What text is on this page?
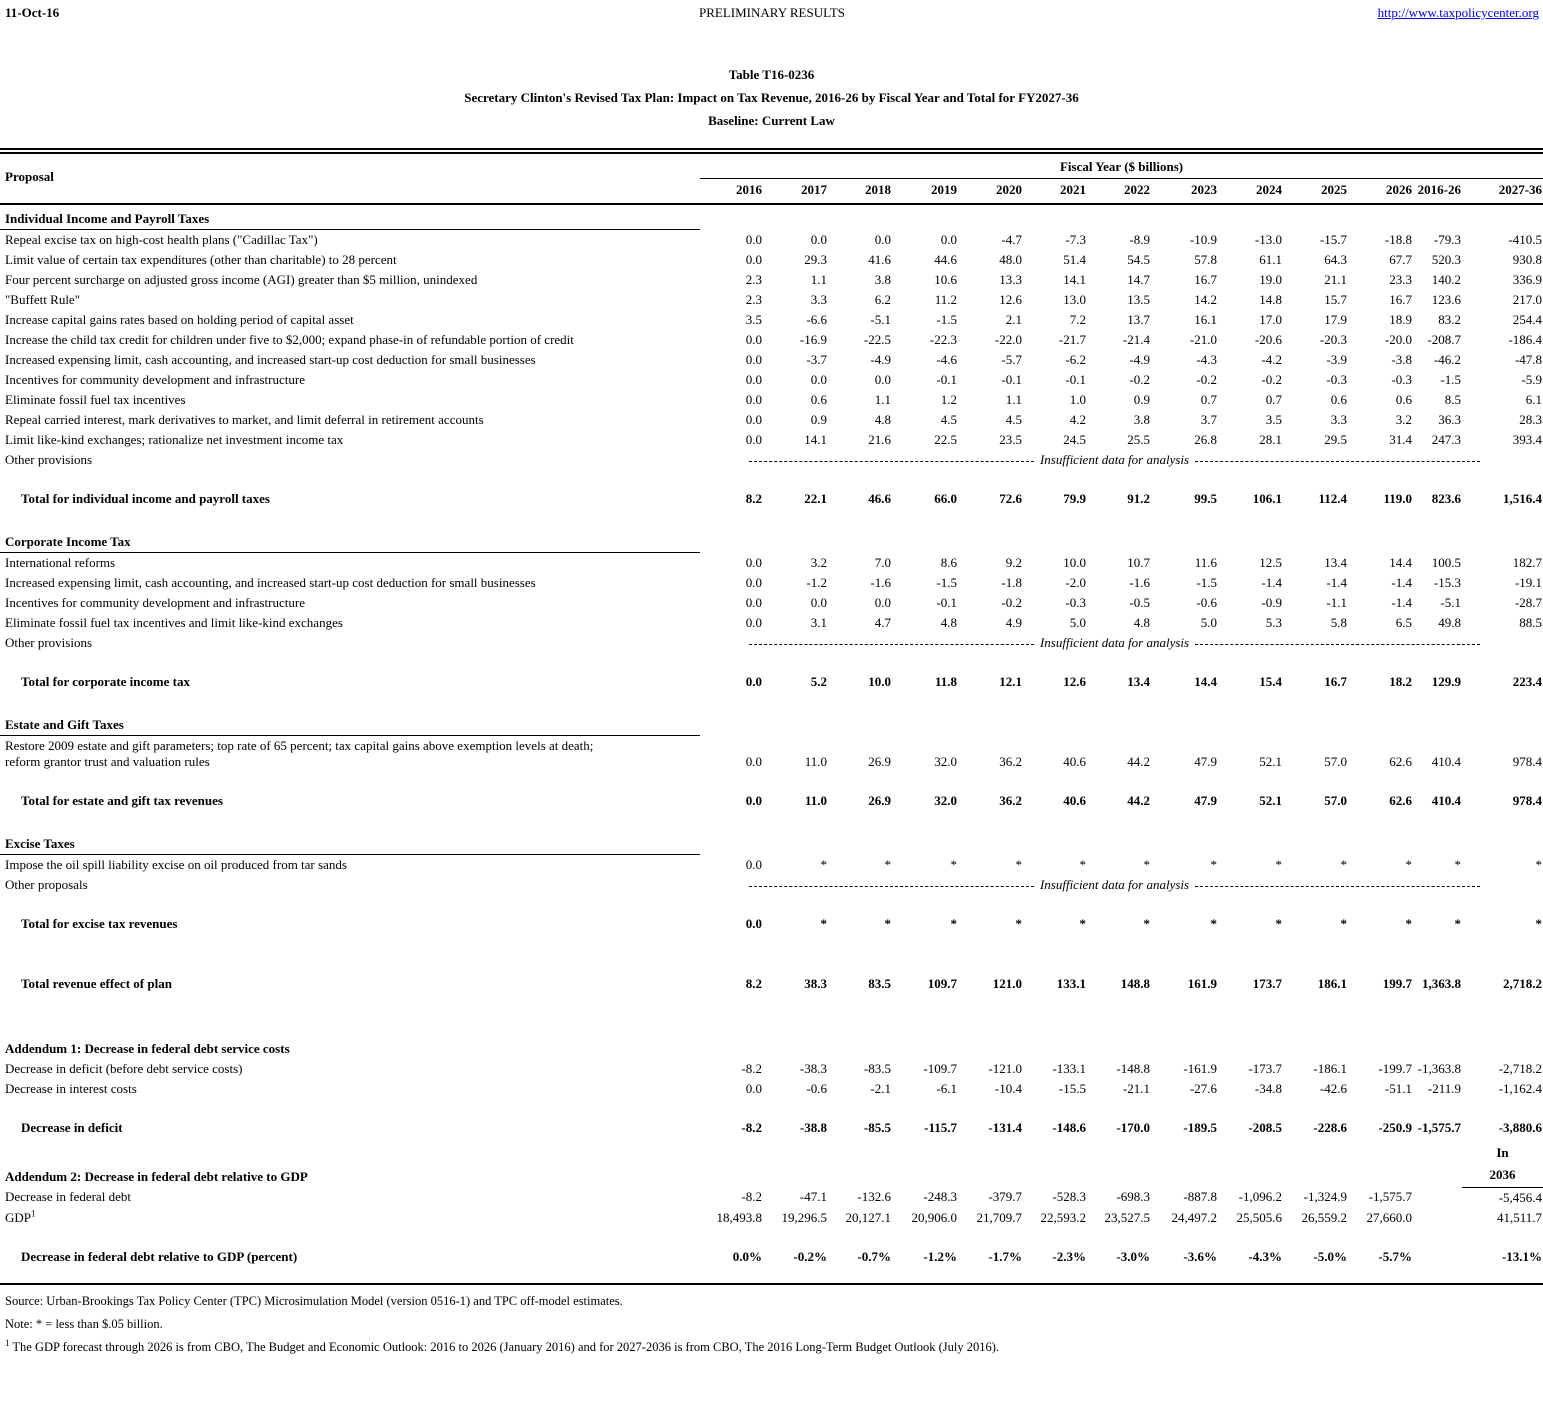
11-Oct-16	PRELIMINARY RESULTS	http://www.taxpolicycenter.org
Table T16-0236
Secretary Clinton's Revised Tax Plan: Impact on Tax Revenue, 2016-26 by Fiscal Year and Total for FY2027-36
Baseline: Current Law
Proposal	Fiscal Year ($ billions)												
	2016	2017	2018	2019	2020	2021	2022	2023	2024	2025	2026	2016-26	2027-36
Individual Income and Payroll Taxes													
Repeal excise tax on high-cost health plans ("Cadillac Tax")	0.0	0.0	0.0	0.0	-4.7	-7.3	-8.9	-10.9	-13.0	-15.7	-18.8	-79.3	-410.5
Limit value of certain tax expenditures (other than charitable) to 28 percent	0.0	29.3	41.6	44.6	48.0	51.4	54.5	57.8	61.1	64.3	67.7	520.3	930.8
Four percent surcharge on adjusted gross income (AGI) greater than $5 million, unindexed	2.3	1.1	3.8	10.6	13.3	14.1	14.7	16.7	19.0	21.1	23.3	140.2	336.9
"Buffett Rule"	2.3	3.3	6.2	11.2	12.6	13.0	13.5	14.2	14.8	15.7	16.7	123.6	217.0
Increase capital gains rates based on holding period of capital asset	3.5	-6.6	-5.1	-1.5	2.1	7.2	13.7	16.1	17.0	17.9	18.9	83.2	254.4
Increase the child tax credit for children under five to $2,000; expand phase-in of refundable portion of credit	0.0	-16.9	-22.5	-22.3	-22.0	-21.7	-21.4	-21.0	-20.6	-20.3	-20.0	-208.7	-186.4
Increased expensing limit, cash accounting, and increased start-up cost deduction for small businesses	0.0	-3.7	-4.9	-4.6	-5.7	-6.2	-4.9	-4.3	-4.2	-3.9	-3.8	-46.2	-47.8
Incentives for community development and infrastructure	0.0	0.0	0.0	-0.1	-0.1	-0.1	-0.2	-0.2	-0.2	-0.3	-0.3	-1.5	-5.9
Eliminate fossil fuel tax incentives	0.0	0.6	1.1	1.2	1.1	1.0	0.9	0.7	0.7	0.6	0.6	8.5	6.1
Repeal carried interest, mark derivatives to market, and limit deferral in retirement accounts	0.0	0.9	4.8	4.5	4.5	4.2	3.8	3.7	3.5	3.3	3.2	36.3	28.3
Limit like-kind exchanges; rationalize net investment income tax	0.0	14.1	21.6	22.5	23.5	24.5	25.5	26.8	28.1	29.5	31.4	247.3	393.4
Other provisions	Insufficient data for analysis												

Total for individual income and payroll taxes	8.2	22.1	46.6	66.0	72.6	79.9	91.2	99.5	106.1	112.4	119.0	823.6	1,516.4

Corporate Income Tax													
International reforms	0.0	3.2	7.0	8.6	9.2	10.0	10.7	11.6	12.5	13.4	14.4	100.5	182.7
Increased expensing limit, cash accounting, and increased start-up cost deduction for small businesses	0.0	-1.2	-1.6	-1.5	-1.8	-2.0	-1.6	-1.5	-1.4	-1.4	-1.4	-15.3	-19.1
Incentives for community development and infrastructure	0.0	0.0	0.0	-0.1	-0.2	-0.3	-0.5	-0.6	-0.9	-1.1	-1.4	-5.1	-28.7
Eliminate fossil fuel tax incentives and limit like-kind exchanges	0.0	3.1	4.7	4.8	4.9	5.0	4.8	5.0	5.3	5.8	6.5	49.8	88.5
Other provisions	Insufficient data for analysis												

Total for corporate income tax	0.0	5.2	10.0	11.8	12.1	12.6	13.4	14.4	15.4	16.7	18.2	129.9	223.4

Estate and Gift Taxes													

Restore 2009 estate and gift parameters; top rate of 65 percent; tax capital gains above exemption levels at death;
reform grantor trust and valuation rules	0.0	11.0	26.9	32.0	36.2	40.6	44.2	47.9	52.1	57.0	62.6	410.4	978.4

Total for estate and gift tax revenues	0.0	11.0	26.9	32.0	36.2	40.6	44.2	47.9	52.1	57.0	62.6	410.4	978.4

Excise Taxes													
Impose the oil spill liability excise on oil produced from tar sands	0.0	*	*	*	*	*	*	*	*	*	*	*	*
Other proposals	Insufficient data for analysis												

Total for excise tax revenues	0.0	*	*	*	*	*	*	*	*	*	*	*	*

Total revenue effect of plan	8.2	38.3	83.5	109.7	121.0	133.1	148.8	161.9	173.7	186.1	199.7	1,363.8	2,718.2

Addendum 1: Decrease in federal debt service costs													
Decrease in deficit (before debt service costs)	-8.2	-38.3	-83.5	-109.7	-121.0	-133.1	-148.8	-161.9	-173.7	-186.1	-199.7	-1,363.8	-2,718.2
Decrease in interest costs	0.0	-0.6	-2.1	-6.1	-10.4	-15.5	-21.1	-27.6	-34.8	-42.6	-51.1	-211.9	-1,162.4

Decrease in deficit	-8.2	-38.8	-85.5	-115.7	-131.4	-148.6	-170.0	-189.5	-208.5	-228.6	-250.9	-1,575.7	-3,880.6

													In
Addendum 2: Decrease in federal debt relative to GDP													2036
Decrease in federal debt	-8.2	-47.1	-132.6	-248.3	-379.7	-528.3	-698.3	-887.8	-1,096.2	-1,324.9	-1,575.7		-5,456.4
GDP$^1$	18,493.8	19,296.5	20,127.1	20,906.0	21,709.7	22,593.2	23,527.5	24,497.2	25,505.6	26,559.2	27,660.0		41,511.7

Decrease in federal debt relative to GDP (percent)	0.0%	-0.2%	-0.7%	-1.2%	-1.7%	-2.3%	-3.0%	-3.6%	-4.3%	-5.0%	-5.7%		-13.1%

Source: Urban-Brookings Tax Policy Center (TPC) Microsimulation Model (version 0516-1) and TPC off-model estimates.
Note: * = less than $.05 billion.
$^1$ The GDP forecast through 2026 is from CBO, The Budget and Economic Outlook: 2016 to 2026 (January 2016) and for 2027-2036 is from CBO, The 2016 Long-Term Budget Outlook (July 2016).
